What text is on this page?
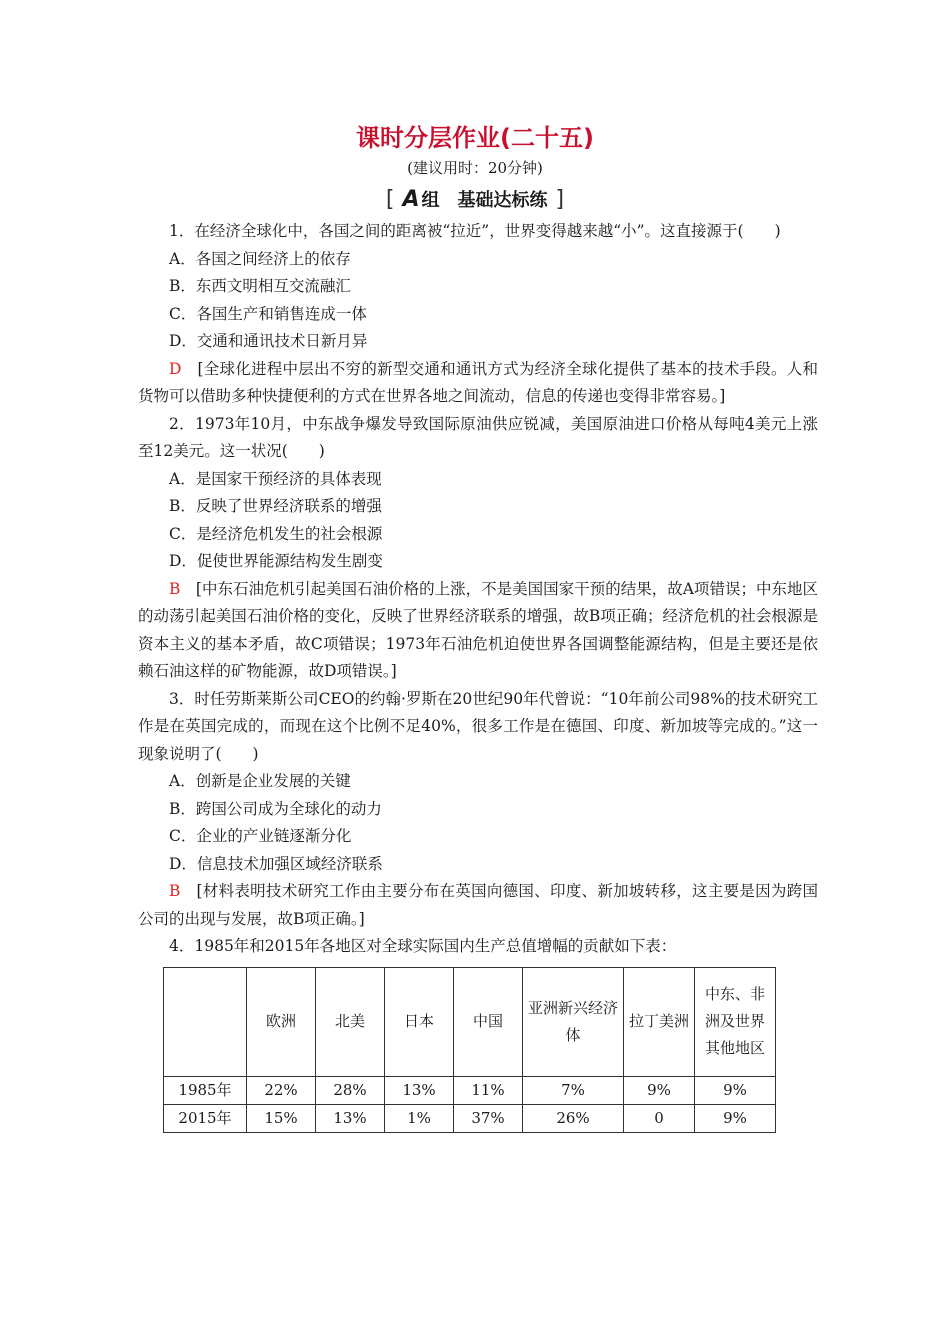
课时分层作业(二十五)
(建议用时：20分钟)
[ A 组　基础达标练 ]

1．在经济全球化中，各国之间的距离被“拉近”，世界变得越来越“小”。这直接源于(　　)

A．各国之间经济上的依存

B．东西文明相互交流融汇

C．各国生产和销售连成一体

D．交通和通讯技术日新月异

D　 [全球化进程中层出不穷的新型交通和通讯方式为经济全球化提供了基本的技术手段。人和货物可以借助多种快捷便利的方式在世界各地之间流动，信息的传递也变得非常容易。]

2．1973年10月，中东战争爆发导致国际原油供应锐减，美国原油进口价格从每吨4美元上涨至12美元。这一状况(　　)

A．是国家干预经济的具体表现

B．反映了世界经济联系的增强

C．是经济危机发生的社会根源

D．促使世界能源结构发生剧变

B　 [中东石油危机引起美国石油价格的上涨，不是美国国家干预的结果，故A项错误；中东地区的动荡引起美国石油价格的变化，反映了世界经济联系的增强，故B项正确；经济危机的社会根源是资本主义的基本矛盾，故C项错误；1973年石油危机迫使世界各国调整能源结构，但是主要还是依赖石油这样的矿物能源，故D项错误。]

3．时任劳斯莱斯公司CEO的约翰·罗斯在20世纪90年代曾说：“10年前公司98%的技术研究工作是在英国完成的，而现在这个比例不足40%，很多工作是在德国、印度、新加坡等完成的。”这一现象说明了(　　)

A．创新是企业发展的关键

B．跨国公司成为全球化的动力

C．企业的产业链逐渐分化

D．信息技术加强区域经济联系

B　 [材料表明技术研究工作由主要分布在英国向德国、印度、新加坡转移，这主要是因为跨国公司的出现与发展，故B项正确。]

4．1985年和2015年各地区对全球实际国内生产总值增幅的贡献如下表：

	欧洲	北美	日本	中国	亚洲新兴经济体	拉丁美洲	中东、非洲及世界其他地区
1985年	22%	28%	13%	11%	7%	9%	9%
2015年	15%	13%	1%	37%	26%	0	9%
